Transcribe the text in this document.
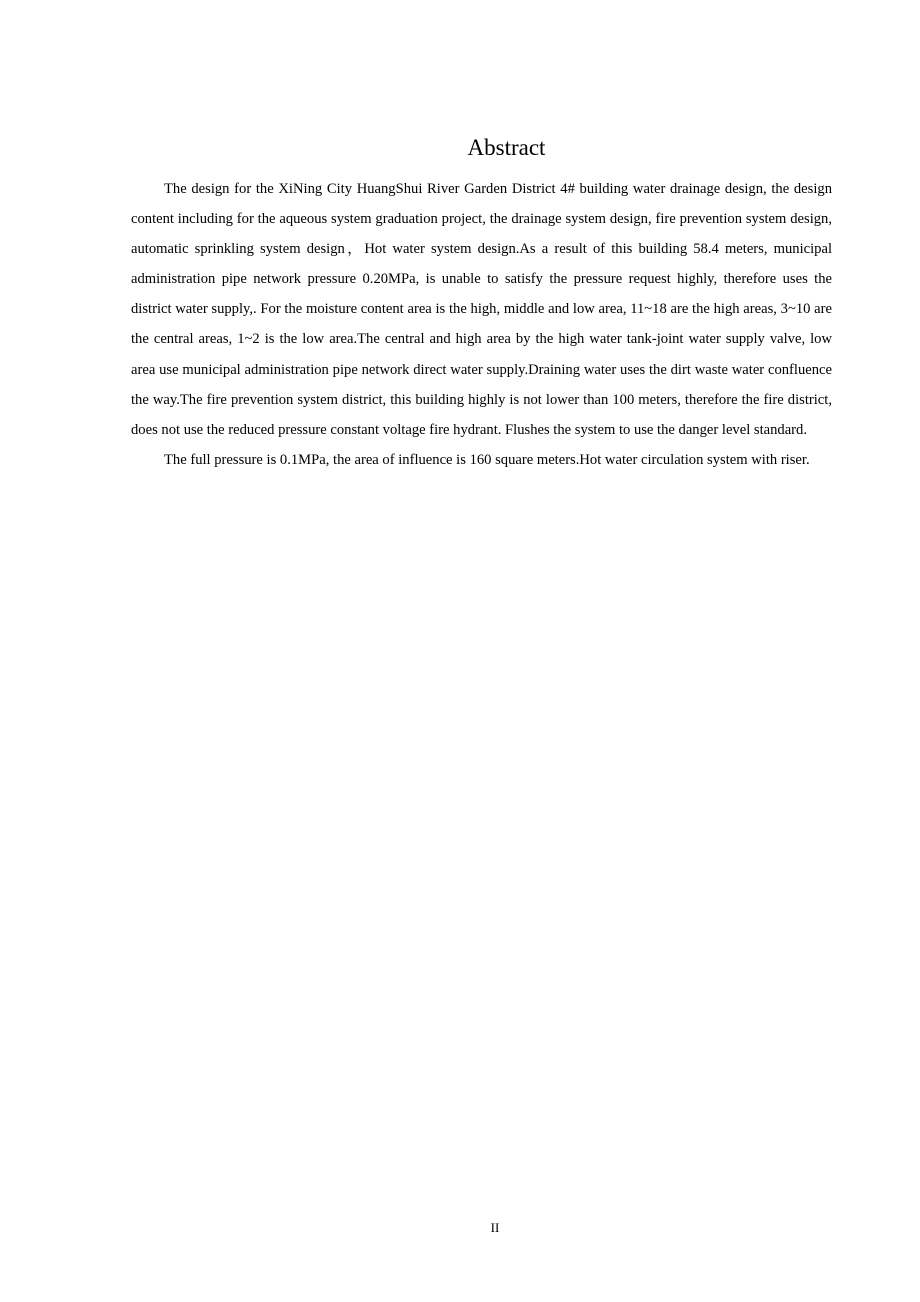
Abstract

The design for the XiNing City HuangShui River Garden District 4# building water drainage design, the design content including for the aqueous system graduation project, the drainage system design, fire prevention system design, automatic sprinkling system design，Hot water system design.As a result of this building 58.4 meters, municipal administration pipe network pressure 0.20MPa, is unable to satisfy the pressure request highly, therefore uses the district water supply,. For the moisture content area is the high, middle and low area, 11~18 are the high areas, 3~10 are the central areas, 1~2 is the low area.The central and high area by the high water tank-joint water supply valve, low area use municipal administration pipe network direct water supply.Draining water uses the dirt waste water confluence the way.The fire prevention system district, this building highly is not lower than 100 meters, therefore the fire district, does not use the reduced pressure constant voltage fire hydrant. Flushes the system to use the danger level standard.

The full pressure is 0.1MPa, the area of influence is 160 square meters.Hot water circulation system with riser.

II
